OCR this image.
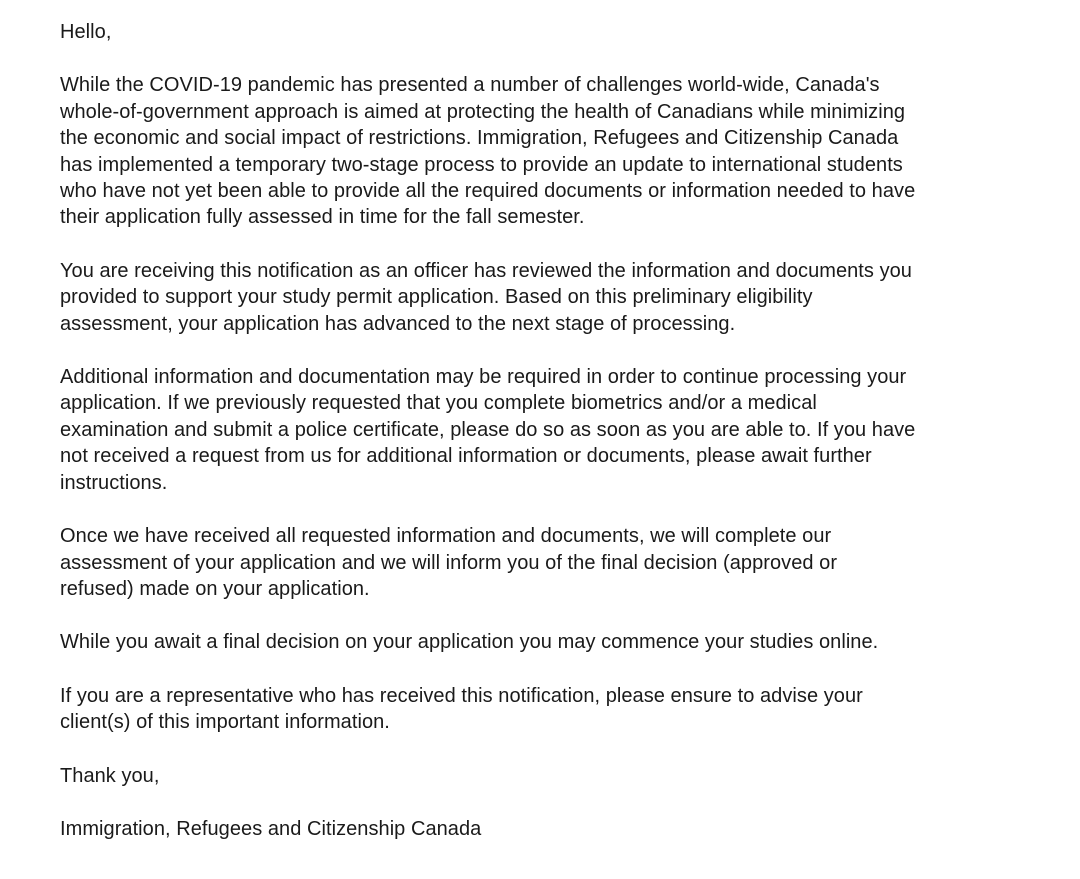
Hello,

While the COVID-19 pandemic has presented a number of challenges world-wide, Canada's
whole-of-government approach is aimed at protecting the health of Canadians while minimizing
the economic and social impact of restrictions. Immigration, Refugees and Citizenship Canada
has implemented a temporary two-stage process to provide an update to international students
who have not yet been able to provide all the required documents or information needed to have
their application fully assessed in time for the fall semester.

You are receiving this notification as an officer has reviewed the information and documents you
provided to support your study permit application. Based on this preliminary eligibility
assessment, your application has advanced to the next stage of processing.

Additional information and documentation may be required in order to continue processing your
application. If we previously requested that you complete biometrics and/or a medical
examination and submit a police certificate, please do so as soon as you are able to. If you have
not received a request from us for additional information or documents, please await further
instructions.

Once we have received all requested information and documents, we will complete our
assessment of your application and we will inform you of the final decision (approved or
refused) made on your application.

While you await a final decision on your application you may commence your studies online.

If you are a representative who has received this notification, please ensure to advise your
client(s) of this important information.

Thank you,

Immigration, Refugees and Citizenship Canada
